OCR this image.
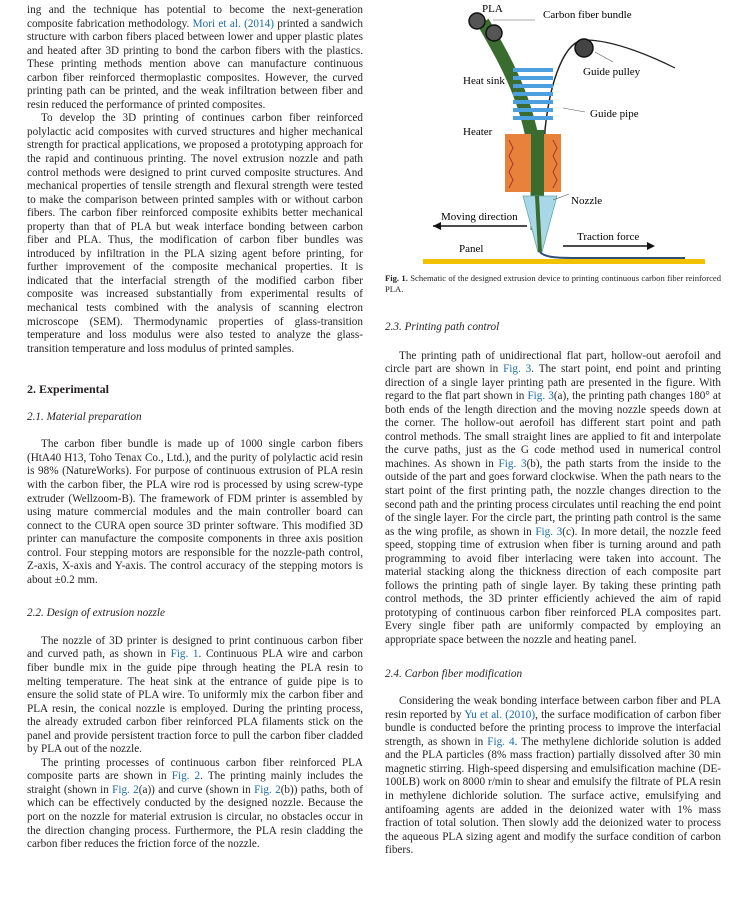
ing and the technique has potential to become the next-generation composite fabrication methodology. Mori et al. (2014) printed a sandwich structure with carbon fibers placed between lower and upper plastic plates and heated after 3D printing to bond the carbon fibers with the plastics. These printing methods mention above can manufacture continuous carbon fiber reinforced thermoplastic composites. However, the curved printing path can be printed, and the weak infiltration between fiber and resin reduced the performance of printed composites.

To develop the 3D printing of continues carbon fiber reinforced polylactic acid composites with curved structures and higher mechanical strength for practical applications, we proposed a prototyping approach for the rapid and continuous printing. The novel extrusion nozzle and path control methods were designed to print curved composite structures. And mechanical properties of tensile strength and flexural strength were tested to make the comparison between printed samples with or without carbon fibers. The carbon fiber reinforced composite exhibits better mechanical property than that of PLA but weak interface bonding between carbon fiber and PLA. Thus, the modification of carbon fiber bundles was introduced by infiltration in the PLA sizing agent before printing, for further improvement of the composite mechanical properties. It is indicated that the interfacial strength of the modified carbon fiber composite was increased substantially from experimental results of mechanical tests combined with the analysis of scanning electron microscope (SEM). Thermodynamic properties of glass-transition temperature and loss modulus were also tested to analyze the glass-transition temperature and loss modulus of printed samples.

2. Experimental
2.1. Material preparation

The carbon fiber bundle is made up of 1000 single carbon fibers (HtA40 H13, Toho Tenax Co., Ltd.), and the purity of polylactic acid resin is 98% (NatureWorks). For purpose of continuous extrusion of PLA resin with the carbon fiber, the PLA wire rod is processed by using screw-type extruder (Wellzoom-B). The framework of FDM printer is assembled by using mature commercial modules and the main controller board can connect to the CURA open source 3D printer software. This modified 3D printer can manufacture the composite components in three axis position control. Four stepping motors are responsible for the nozzle-path control, Z-axis, X-axis and Y-axis. The control accuracy of the stepping motors is about ±0.2 mm.

2.2. Design of extrusion nozzle

The nozzle of 3D printer is designed to print continuous carbon fiber and curved path, as shown in Fig. 1. Continuous PLA wire and carbon fiber bundle mix in the guide pipe through heating the PLA resin to melting temperature. The heat sink at the entrance of guide pipe is to ensure the solid state of PLA wire. To uniformly mix the carbon fiber and PLA resin, the conical nozzle is employed. During the printing process, the already extruded carbon fiber reinforced PLA filaments stick on the panel and provide persistent traction force to pull the carbon fiber cladded by PLA out of the nozzle.

The printing processes of continuous carbon fiber reinforced PLA composite parts are shown in Fig. 2. The printing mainly includes the straight (shown in Fig. 2(a)) and curve (shown in Fig. 2(b)) paths, both of which can be effectively conducted by the designed nozzle. Because the port on the nozzle for material extrusion is circular, no obstacles occur in the direction changing process. Furthermore, the PLA resin cladding the carbon fiber reduces the friction force of the nozzle.

PLA	Carbon fiber bundle
Guide pulley
Heat sink
Guide pipe
Heater
Nozzle
Moving direction
Traction force
Panel

Fig. 1. Schematic of the designed extrusion device to printing continuous carbon fiber reinforced PLA.

2.3. Printing path control

The printing path of unidirectional flat part, hollow-out aerofoil and circle part are shown in Fig. 3. The start point, end point and printing direction of a single layer printing path are presented in the figure. With regard to the flat part shown in Fig. 3(a), the printing path changes 180° at both ends of the length direction and the moving nozzle speeds down at the corner. The hollow-out aerofoil has different start point and path control methods. The small straight lines are applied to fit and interpolate the curve paths, just as the G code method used in numerical control machines. As shown in Fig. 3(b), the path starts from the inside to the outside of the part and goes forward clockwise. When the path nears to the start point of the first printing path, the nozzle changes direction to the second path and the printing process circulates until reaching the end point of the single layer. For the circle part, the printing path control is the same as the wing profile, as shown in Fig. 3(c). In more detail, the nozzle feed speed, stopping time of extrusion when fiber is turning around and path programming to avoid fiber interlacing were taken into account. The material stacking along the thickness direction of each composite part follows the printing path of single layer. By taking these printing path control methods, the 3D printer efficiently achieved the aim of rapid prototyping of continuous carbon fiber reinforced PLA composites part. Every single fiber path are uniformly compacted by employing an appropriate space between the nozzle and heating panel.

2.4. Carbon fiber modification

Considering the weak bonding interface between carbon fiber and PLA resin reported by Yu et al. (2010), the surface modification of carbon fiber bundle is conducted before the printing process to improve the interfacial strength, as shown in Fig. 4. The methylene dichloride solution is added and the PLA particles (8% mass fraction) partially dissolved after 30 min magnetic stirring. High-speed dispersing and emulsification machine (DE-100LB) work on 8000 r/min to shear and emulsify the filtrate of PLA resin in methylene dichloride solution. The surface active, emulsifying and antifoaming agents are added in the deionized water with 1% mass fraction of total solution. Then slowly add the deionized water to process the aqueous PLA sizing agent and modify the surface condition of carbon fibers.
